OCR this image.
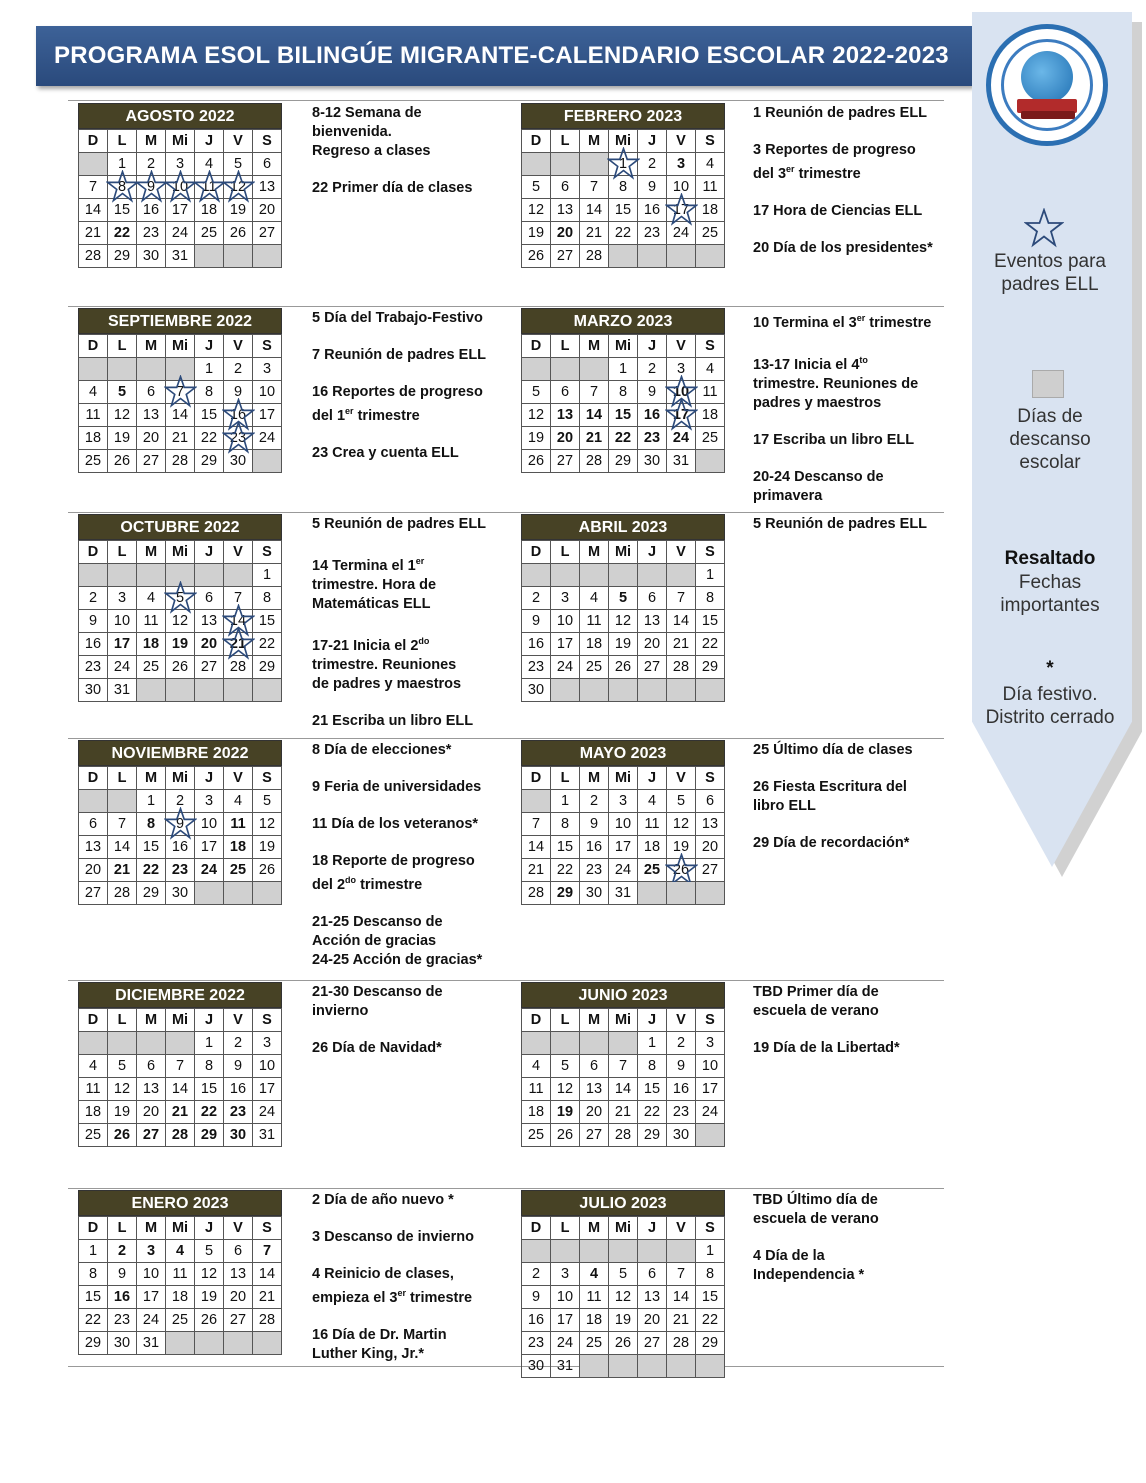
PROGRAMA ESOL BILINGÚE MIGRANTE-CALENDARIO ESCOLAR 2022-2023
Eventos para padres ELL
Días de descanso escolar
Resaltado
Fechas importantes
*
Día festivo. Distrito cerrado
AGOSTO 2022
D	L	M	Mi	J	V	S
	1	2	3	4	5	6
7	8	9	10	11	12	13
14	15	16	17	18	19	20
21	22	23	24	25	26	27
28	29	30	31			
8-12 Semana de
bienvenida.
Regreso a clases
22 Primer día de clases
FEBRERO 2023
D	L	M	Mi	J	V	S
			1	2	3	4
5	6	7	8	9	10	11
12	13	14	15	16	17	18
19	20	21	22	23	24	25
26	27	28				
1 Reunión de padres ELL
3 Reportes de progreso
del 3er trimestre
17 Hora de Ciencias ELL
20 Día de los presidentes*
SEPTIEMBRE 2022
D	L	M	Mi	J	V	S
				1	2	3
4	5	6	7	8	9	10
11	12	13	14	15	16	17
18	19	20	21	22	23	24
25	26	27	28	29	30	
5 Día del Trabajo-Festivo
7 Reunión de padres ELL
16 Reportes de progreso
del 1er trimestre
23 Crea y cuenta ELL
MARZO 2023
D	L	M	Mi	J	V	S
			1	2	3	4
5	6	7	8	9	10	11
12	13	14	15	16	17	18
19	20	21	22	23	24	25
26	27	28	29	30	31	
10 Termina el 3er trimestre
13-17 Inicia el $4^{to}$
trimestre. Reuniones de
padres y maestros
17 Escriba un libro ELL
20-24 Descanso de
primavera
OCTUBRE 2022
D	L	M	Mi	J	V	S
						1
2	3	4	5	6	7	8
9	10	11	12	13	14	15
16	17	18	19	20	21	22
23	24	25	26	27	28	29
30	31					
5 Reunión de padres ELL
14 Termina el 1er
trimestre. Hora de
Matemáticas ELL
17-21 Inicia el $2^{do}$
trimestre. Reuniones
de padres y maestros
21 Escriba un libro ELL
ABRIL 2023
D	L	M	Mi	J	V	S
						1
2	3	4	5	6	7	8
9	10	11	12	13	14	15
16	17	18	19	20	21	22
23	24	25	26	27	28	29
30						
5 Reunión de padres ELL
NOVIEMBRE 2022
D	L	M	Mi	J	V	S
		1	2	3	4	5
6	7	8	9	10	11	12
13	14	15	16	17	18	19
20	21	22	23	24	25	26
27	28	29	30			
8 Día de elecciones*
9 Feria de universidades
11 Día de los veteranos*
18 Reporte de progreso
del $2^{do}$ trimestre
21-25 Descanso de
Acción de gracias
24-25 Acción de gracias*
MAYO 2023
D	L	M	Mi	J	V	S
	1	2	3	4	5	6
7	8	9	10	11	12	13
14	15	16	17	18	19	20
21	22	23	24	25	26	27
28	29	30	31			
25 Último día de clases
26 Fiesta Escritura del
libro ELL
29 Día de recordación*
DICIEMBRE 2022
D	L	M	Mi	J	V	S
				1	2	3
4	5	6	7	8	9	10
11	12	13	14	15	16	17
18	19	20	21	22	23	24
25	26	27	28	29	30	31
21-30 Descanso de
invierno
26 Día de Navidad*
JUNIO 2023
D	L	M	Mi	J	V	S
				1	2	3
4	5	6	7	8	9	10
11	12	13	14	15	16	17
18	19	20	21	22	23	24
25	26	27	28	29	30	
TBD Primer día de
escuela de verano
19 Día de la Libertad*
ENERO 2023
D	L	M	Mi	J	V	S
1	2	3	4	5	6	7
8	9	10	11	12	13	14
15	16	17	18	19	20	21
22	23	24	25	26	27	28
29	30	31				
2 Día de año nuevo *
3 Descanso de invierno
4 Reinicio de clases,
empieza el 3er trimestre
16 Día de Dr. Martin
Luther King, Jr.*
JULIO 2023
D	L	M	Mi	J	V	S
						1
2	3	4	5	6	7	8
9	10	11	12	13	14	15
16	17	18	19	20	21	22
23	24	25	26	27	28	29
30	31					
TBD Último día de
escuela de verano
4 Día de la
Independencia *
